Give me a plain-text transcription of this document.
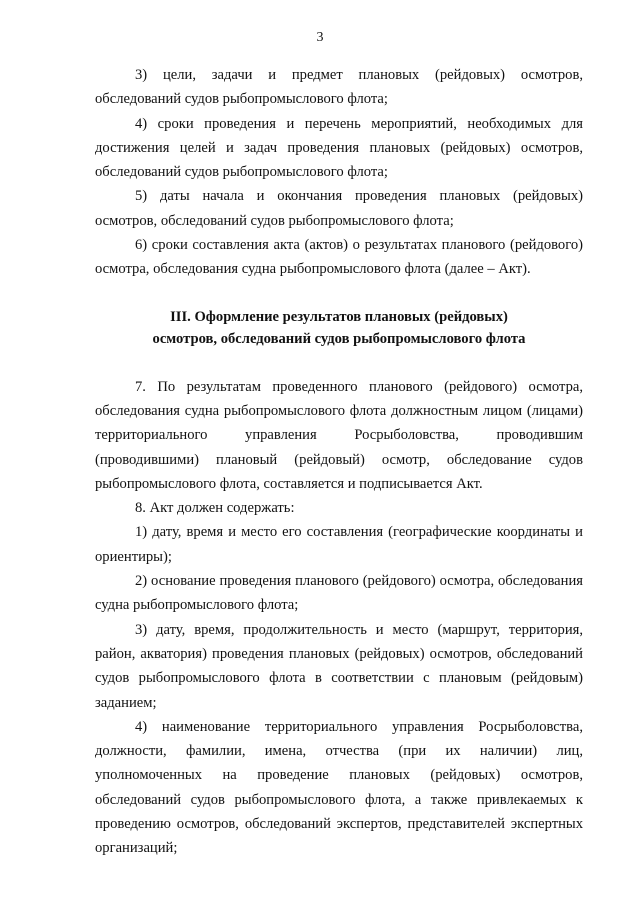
3

3) цели, задачи и предмет плановых (рейдовых) осмотров, обследований судов рыбопромыслового флота;

4) сроки проведения и перечень мероприятий, необходимых для достижения целей и задач проведения плановых (рейдовых) осмотров, обследований судов рыбопромыслового флота;

5) даты начала и окончания проведения плановых (рейдовых) осмотров, обследований судов рыбопромыслового флота;

6) сроки составления акта (актов) о результатах планового (рейдового) осмотра, обследования судна рыбопромыслового флота (далее – Акт).

III. Оформление результатов плановых (рейдовых)
осмотров, обследований судов рыбопромыслового флота

7. По результатам проведенного планового (рейдового) осмотра, обследования судна рыбопромыслового флота должностным лицом (лицами) территориального управления Росрыболовства, проводившим (проводившими) плановый (рейдовый) осмотр, обследование судов рыбопромыслового флота, составляется и подписывается Акт.

8. Акт должен содержать:

1) дату, время и место его составления (географические координаты и ориентиры);

2) основание проведения планового (рейдового) осмотра, обследования судна рыбопромыслового флота;

3) дату, время, продолжительность и место (маршрут, территория, район, акватория) проведения плановых (рейдовых) осмотров, обследований судов рыбопромыслового флота в соответствии с плановым (рейдовым) заданием;

4) наименование территориального управления Росрыболовства, должности, фамилии, имена, отчества (при их наличии) лиц, уполномоченных на проведение плановых (рейдовых) осмотров, обследований судов рыбопромыслового флота, а также привлекаемых к проведению осмотров, обследований экспертов, представителей экспертных организаций;
